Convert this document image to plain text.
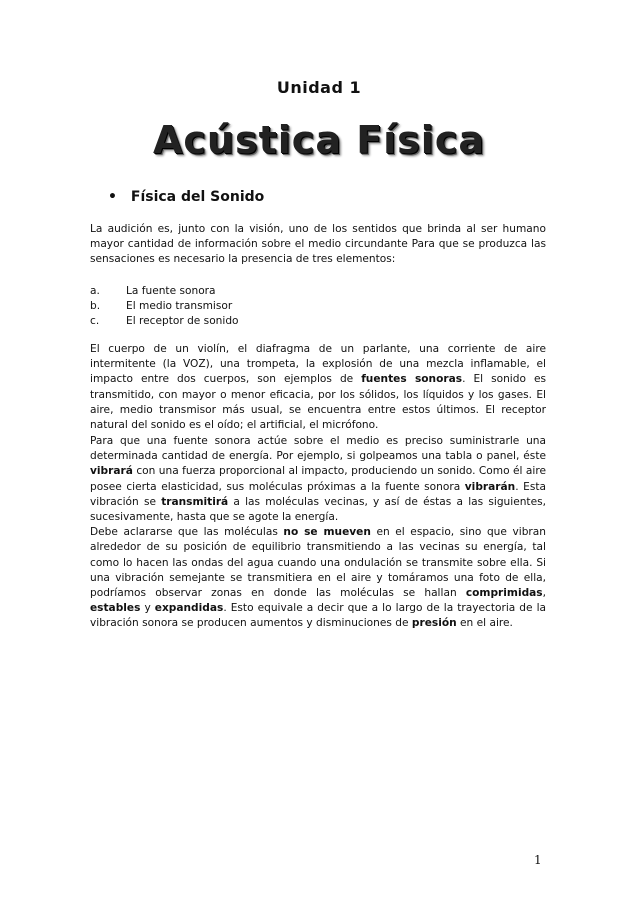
Unidad 1
Acústica Física
• Física del Sonido

La audición es, junto con la visión, uno de los sentidos que brinda al ser humano mayor cantidad de información sobre el medio circundante Para que se produzca las sensaciones es necesario la presencia de tres elementos:

a.	La fuente sonora
b.	El medio transmisor
c.	El receptor de sonido

El cuerpo de un violín, el diafragma de un parlante, una corriente de aire intermitente (la VOZ), una trompeta, la explosión de una mezcla inflamable, el impacto entre dos cuerpos, son ejemplos de fuentes sonoras. El sonido es transmitido, con mayor o menor eficacia, por los sólidos, los líquidos y los gases. El aire, medio transmisor más usual, se encuentra entre estos últimos. El receptor natural del sonido es el oído; el artificial, el micrófono.

Para que una fuente sonora actúe sobre el medio es preciso suministrarle una determinada cantidad de energía. Por ejemplo, si golpeamos una tabla o panel, éste vibrará con una fuerza proporcional al impacto, produciendo un sonido. Como él aire posee cierta elasticidad, sus moléculas próximas a la fuente sonora vibrarán. Esta vibración se transmitirá a las moléculas vecinas, y así de éstas a las siguientes, sucesivamente, hasta que se agote la energía.

Debe aclararse que las moléculas no se mueven en el espacio, sino que vibran alrededor de su posición de equilibrio transmitiendo a las vecinas su energía, tal como lo hacen las ondas del agua cuando una ondulación se transmite sobre ella. Si una vibración semejante se transmitiera en el aire y tomáramos una foto de ella, podríamos observar zonas en donde las moléculas se hallan comprimidas, estables y expandidas. Esto equivale a decir que a lo largo de la trayectoria de la vibración sonora se producen aumentos y disminuciones de presión en el aire.

1
